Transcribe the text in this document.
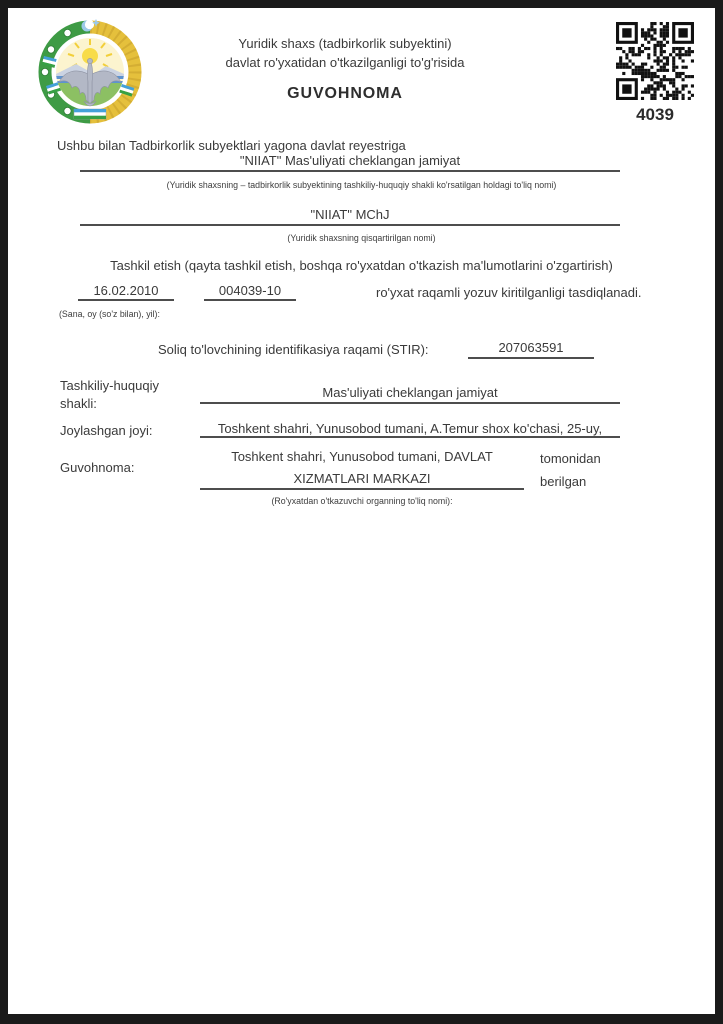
Yuridik shaxs (tadbirkorlik subyektini)
davlat ro'yxatidan o'tkazilganligi to'g'risida
GUVOHNOMA
4039
Ushbu bilan Tadbirkorlik subyektlari yagona davlat reyestriga
"NIIAT" Mas'uliyati cheklangan jamiyat
(Yuridik shaxsning – tadbirkorlik subyektining tashkiliy-huquqiy shakli ko'rsatilgan holdagi to'liq nomi)
"NIIAT" MChJ
(Yuridik shaxsning qisqartirilgan nomi)
Tashkil etish (qayta tashkil etish, boshqa ro'yxatdan o'tkazish ma'lumotlarini o'zgartirish)
16.02.2010	004039-10	ro'yxat raqamli yozuv kiritilganligi tasdiqlanadi.
(Sana, oy (so'z bilan), yil):
Soliq to'lovchining identifikasiya raqami (STIR):	207063591
Tashkiliy-huquqiy
shakli:
Mas'uliyati cheklangan jamiyat
Joylashgan joyi:	Toshkent shahri, Yunusobod tumani, A.Temur shox ko'chasi, 25-uy,
Guvohnoma:
Toshkent shahri, Yunusobod tumani, DAVLAT
XIZMATLARI MARKAZI
tomonidan
berilgan
(Ro'yxatdan o'tkazuvchi organning to'liq nomi):
